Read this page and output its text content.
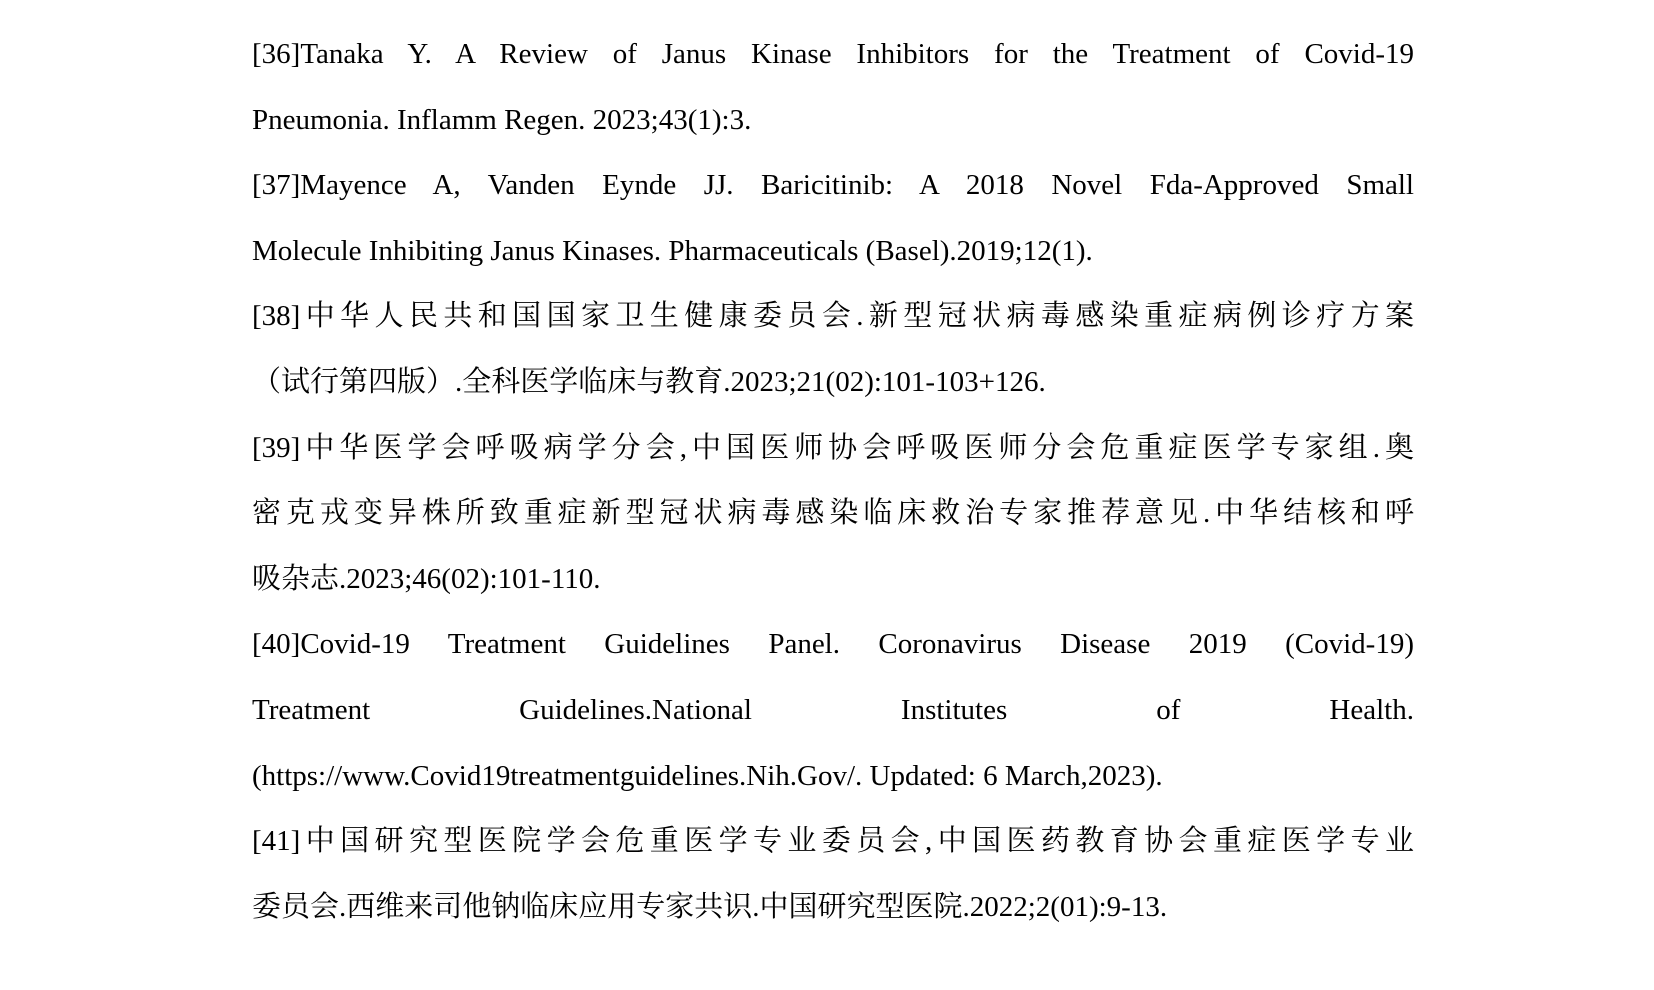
[36]Tanaka Y. A Review of Janus Kinase Inhibitors for the Treatment of Covid-19

Pneumonia. Inflamm Regen. 2023;43(1):3.

[37]Mayence A, Vanden Eynde JJ. Baricitinib: A 2018 Novel Fda-Approved Small

Molecule Inhibiting Janus Kinases. Pharmaceuticals (Basel).2019;12(1).

[38]中华人民共和国国家卫生健康委员会.新型冠状病毒感染重症病例诊疗方案

（试行第四版）.全科医学临床与教育.2023;21(02):101-103+126.

[39]中华医学会呼吸病学分会,中国医师协会呼吸医师分会危重症医学专家组.奥

密克戎变异株所致重症新型冠状病毒感染临床救治专家推荐意见.中华结核和呼

吸杂志.2023;46(02):101-110.

[40]Covid-19 Treatment Guidelines Panel. Coronavirus Disease 2019 (Covid-19)

Treatment Guidelines.National Institutes of Health.

(https://www.Covid19treatmentguidelines.Nih.Gov/. Updated: 6 March,2023).

[41]中国研究型医院学会危重医学专业委员会,中国医药教育协会重症医学专业

委员会.西维来司他钠临床应用专家共识.中国研究型医院.2022;2(01):9-13.
